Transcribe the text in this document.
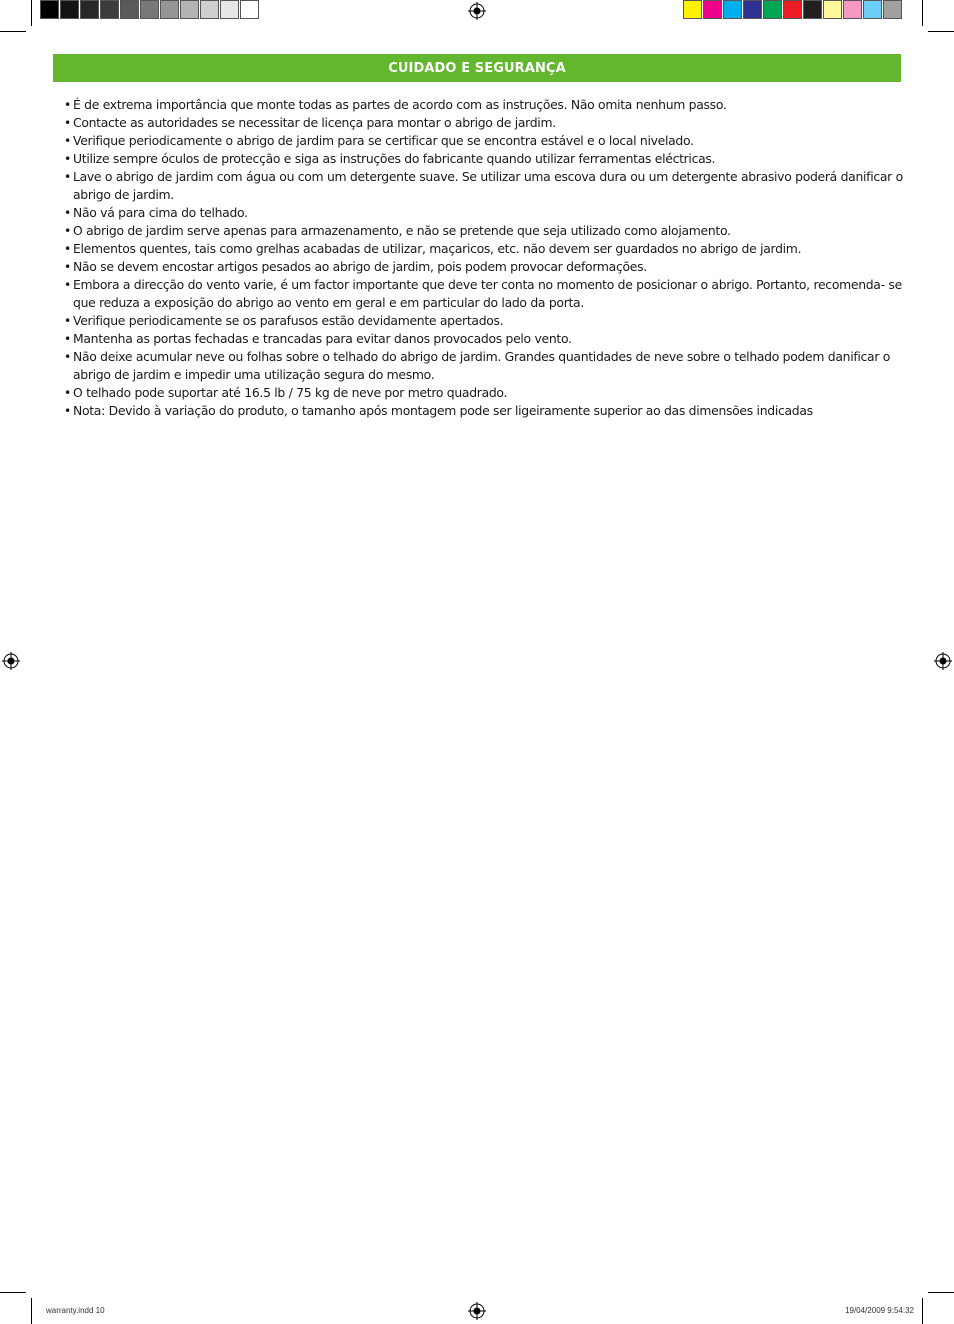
CUIDADO E SEGURANÇA
• É de extrema importância que monte todas as partes de acordo com as instruções. Não omita nenhum passo.
• Contacte as autoridades se necessitar de licença para montar o abrigo de jardim.
• Verifique periodicamente o abrigo de jardim para se certificar que se encontra estável e o local nivelado.
• Utilize sempre óculos de protecção e siga as instruções do fabricante quando utilizar ferramentas eléctricas.
• Lave o abrigo de jardim com água ou com um detergente suave. Se utilizar uma escova dura ou um detergente abrasivo poderá danificar o abrigo de jardim.
• Não vá para cima do telhado.
• O abrigo de jardim serve apenas para armazenamento, e não se pretende que seja utilizado como alojamento.
• Elementos quentes, tais como grelhas acabadas de utilizar, maçaricos, etc. não devem ser guardados no abrigo de jardim.
• Não se devem encostar artigos pesados ao abrigo de jardim, pois podem provocar deformações.
• Embora a direcção do vento varie, é um factor importante que deve ter conta no momento de posicionar o abrigo. Portanto, recomenda- se que reduza a exposição do abrigo ao vento em geral e em particular do lado da porta.
• Verifique periodicamente se os parafusos estão devidamente apertados.
• Mantenha as portas fechadas e trancadas para evitar danos provocados pelo vento.
• Não deixe acumular neve ou folhas sobre o telhado do abrigo de jardim. Grandes quantidades de neve sobre o telhado podem danificar o abrigo de jardim e impedir uma utilização segura do mesmo.
• O telhado pode suportar até 16.5 lb / 75 kg de neve por metro quadrado.
• Nota: Devido à variação do produto, o tamanho após montagem pode ser ligeiramente superior ao das dimensões indicadas
warranty.indd 10	19/04/2009 9:54:32
